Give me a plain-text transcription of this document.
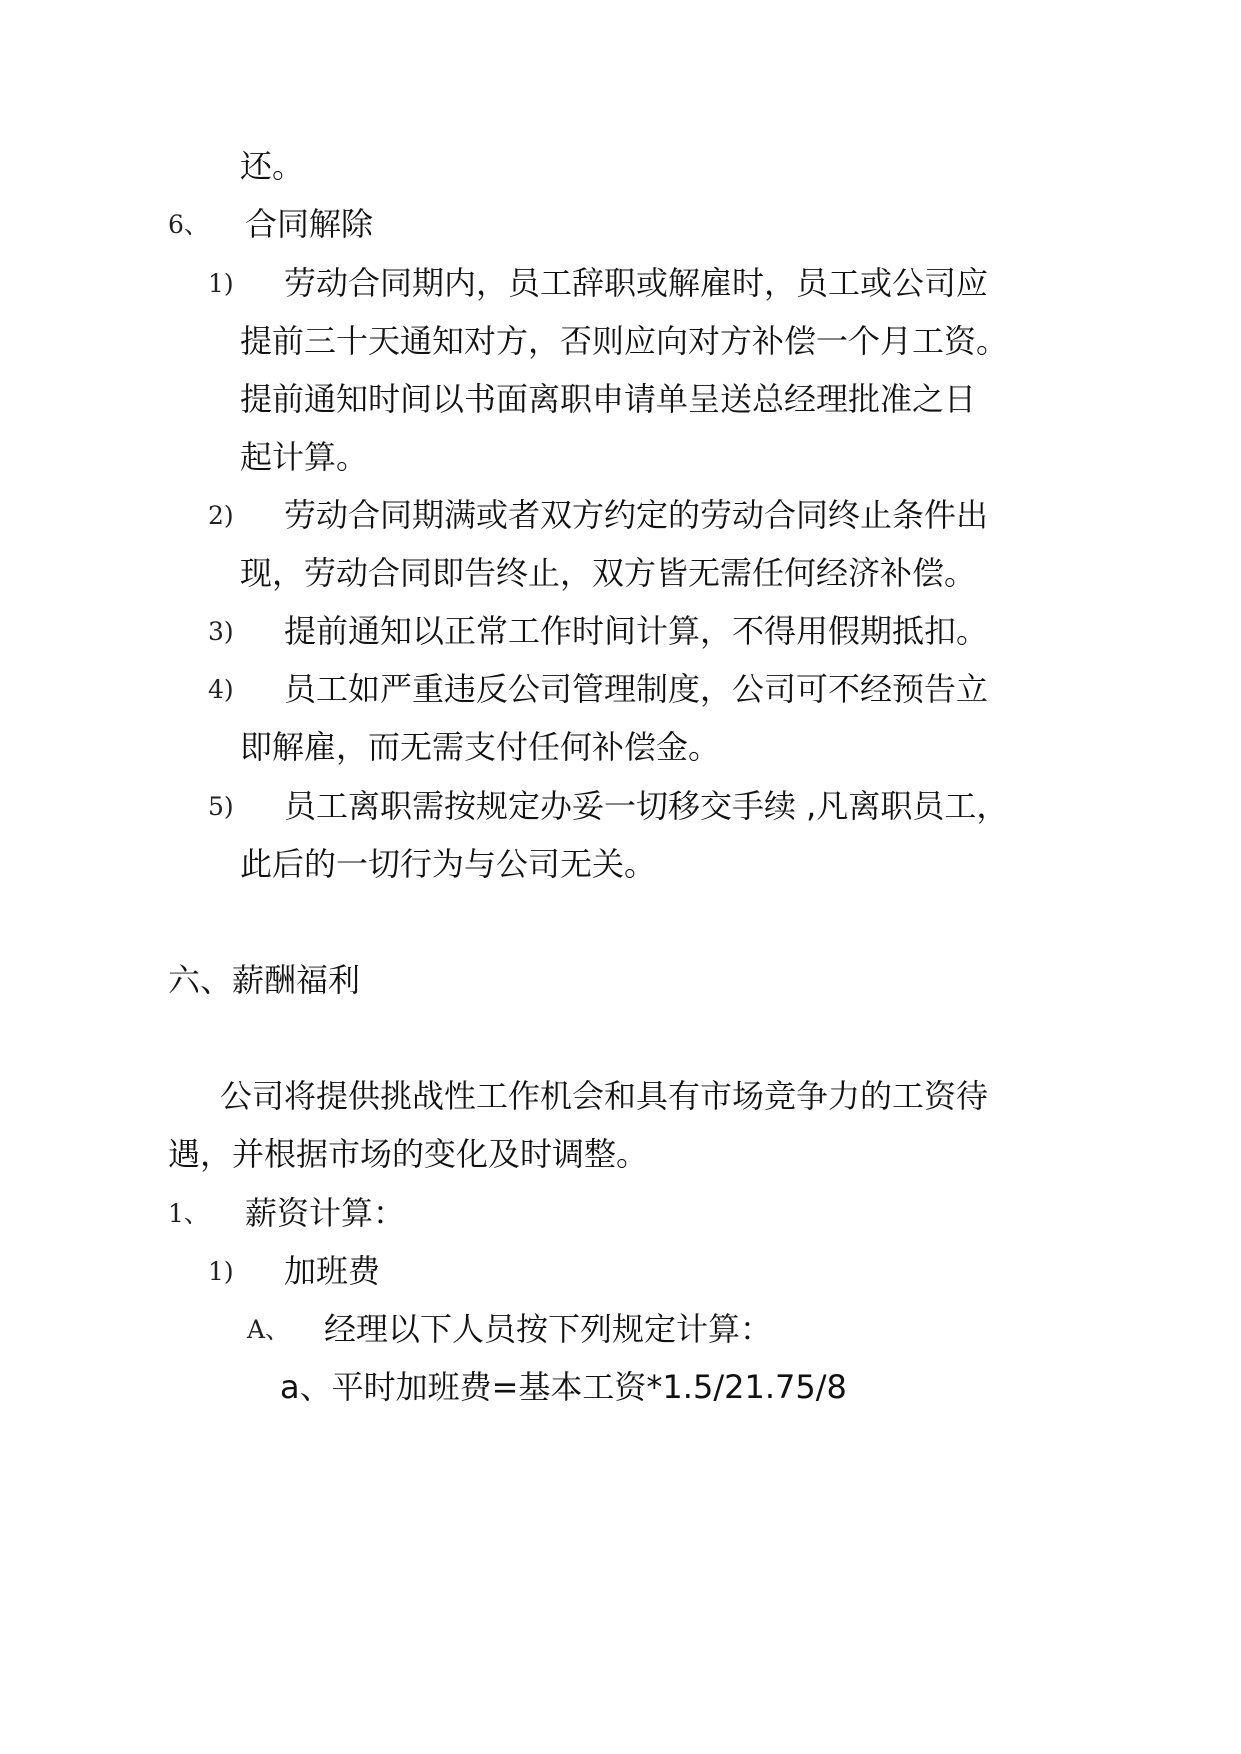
还。
6、 合同解除
1) 劳动合同期内，员工辞职或解雇时，员工或公司应
提前三十天通知对方，否则应向对方补偿一个月工资。
提前通知时间以书面离职申请单呈送总经理批准之日
起计算。
2) 劳动合同期满或者双方约定的劳动合同终止条件出
现，劳动合同即告终止，双方皆无需任何经济补偿。
3) 提前通知以正常工作时间计算，不得用假期抵扣。
4) 员工如严重违反公司管理制度，公司可不经预告立
即解雇，而无需支付任何补偿金。
5) 员工离职需按规定办妥一切移交手续 ,凡离职员工，
此后的一切行为与公司无关。
六、薪酬福利
公司将提供挑战性工作机会和具有市场竞争力的工资待
遇，并根据市场的变化及时调整。
1、 薪资计算：
1) 加班费
A、 经理以下人员按下列规定计算：
a、平时加班费=基本工资*1.5/21.75/8
